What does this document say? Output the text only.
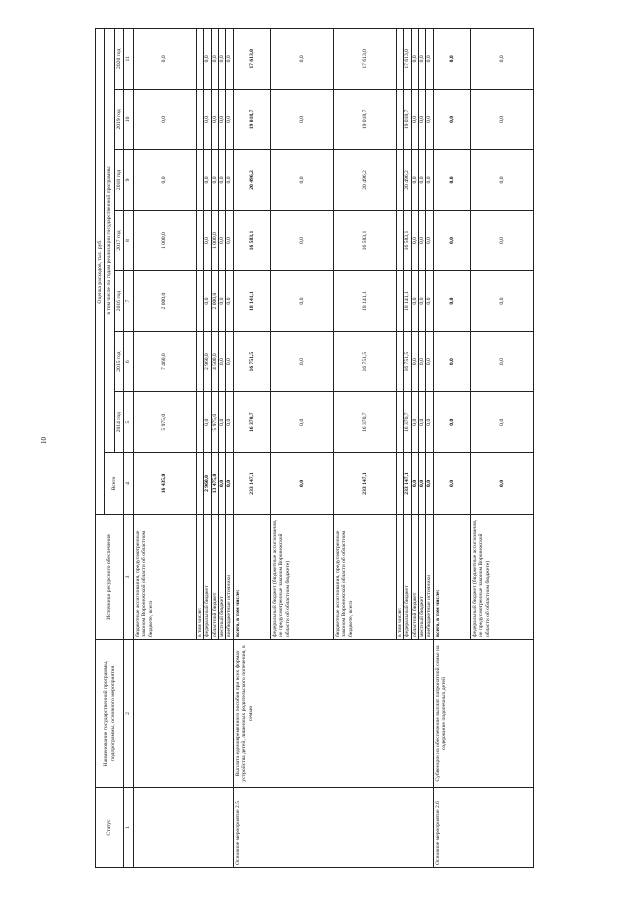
10
Статус	Наименование государственной программы, подпрограммы, основного мероприятия	Источники ресурсного обеспечения	Оценка расходов, тыс. руб.							
			Всего	в том числе по годам реализации государственной программы						
				2014 год	2015 год	2016 год	2017 год	2018 год	2019 год	2020 год
1	2	3	4	5	6	7	8	9	10	11
		бюджетные ассигнования, предусмотренные законом Воронежской области об областном бюджете, всего	16 435,0	5 975,0	7 460,0	2 000,0	1 000,0	0,0	0,0	0,0
		в том числе:								
		федеральный бюджет	2 960,0	0,0	2 960,0	0,0	0,0	0,0	0,0	0,0
		областной бюджет	13 475,0	5 975,0	4 500,0	2 000,0	1 000,0	0,0	0,0	0,0
		местный бюджет	0,0	0,0	0,0	0,0	0,0	0,0	0,0	0,0
		внебюджетные источники	0,0	0,0	0,0	0,0	0,0	0,0	0,0	0,0
Основное мероприятие 2.5	Выплата единовременного пособия при всех формах устройства детей, лишенных родительского попечения, в семью	всего, в том числе:	233 147,1	16 370,7	16 751,5	18 141,1	16 583,1	20 496,2	19 018,7	17 613,0
		федеральный бюджет (бюджетные ассигнования, не предусмотренные законом Воронежской области об областном бюджете)	0,0	0,0	0,0	0,0	0,0	0,0	0,0	0,0
		бюджетные ассигнования, предусмотренные законом Воронежской области об областном бюджете, всего	233 147,1	16 370,7	16 751,5	18 141,1	16 583,1	20 496,2	19 018,7	17 613,0
		в том числе:								
		федеральный бюджет	233 147,1	16 370,7	16 751,5	18 141,1	16 583,1	20 496,2	19 018,7	17 613,0
		областной бюджет	0,0	0,0	0,0	0,0	0,0	0,0	0,0	0,0
		местный бюджет	0,0	0,0	0,0	0,0	0,0	0,0	0,0	0,0
		внебюджетные источники	0,0	0,0	0,0	0,0	0,0	0,0	0,0	0,0
Основное мероприятие 2.6	Субвенции на обеспечение выплат патронатной семье на содержание подопечных детей	всего, в том числе:	0,0	0,0	0,0	0,0	0,0	0,0	0,0	0,0
		федеральный бюджет (бюджетные ассигнования, не предусмотренные законом Воронежской области об областном бюджете)	0,0	0,0	0,0	0,0	0,0	0,0	0,0	0,0
